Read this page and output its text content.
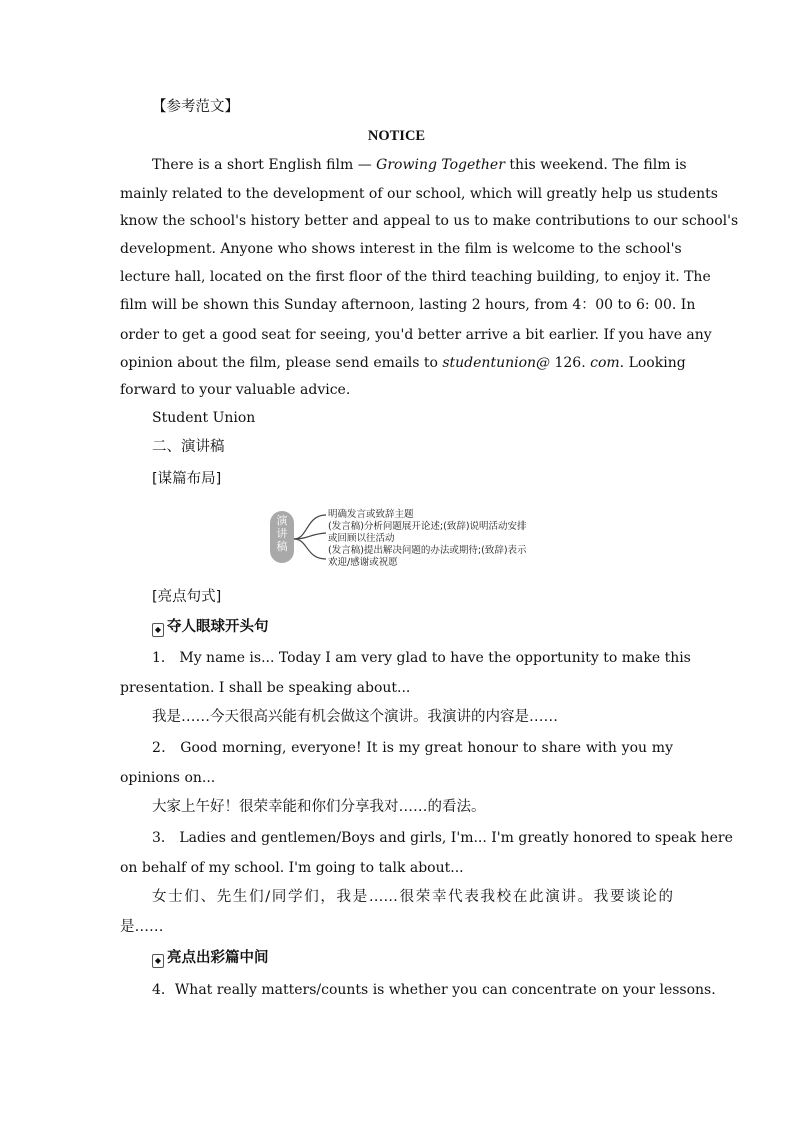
【参考范文】
NOTICE
There is a short English film — Growing Together this weekend. The film is
mainly related to the development of our school, which will greatly help us students
know the school's history better and appeal to us to make contributions to our school's
development. Anyone who shows interest in the film is welcome to the school's
lecture hall, located on the first floor of the third teaching building, to enjoy it. The
film will be shown this Sunday afternoon, lasting 2 hours, from 4：00 to 6: 00. In
order to get a good seat for seeing, you'd better arrive a bit earlier. If you have any
opinion about the film, please send emails to studentunion@ 126. com. Looking
forward to your valuable advice.
Student Union
二、演讲稿
[谋篇布局]
演
讲
稿
明确发言或致辞主题
(发言稿)分析问题展开论述;(致辞)说明活动安排
或回顾以往活动
(发言稿)提出解决问题的办法或期待;(致辞)表示
欢迎/感谢或祝愿
[亮点句式]
◆ 夺人眼球开头句
1． My name is... Today I am very glad to have the opportunity to make this
presentation. I shall be speaking about...
我是……今天很高兴能有机会做这个演讲。我演讲的内容是……
2． Good morning, everyone! It is my great honour to share with you my
opinions on...
大家上午好！很荣幸能和你们分享我对……的看法。
3． Ladies and gentlemen/Boys and girls, I'm... I'm greatly honored to speak here
on behalf of my school. I'm going to talk about...
女士们、先生们/同学们，我是……很荣幸代表我校在此演讲。我要谈论的
是……
◆ 亮点出彩篇中间
4．What really matters/counts is whether you can concentrate on your lessons.
